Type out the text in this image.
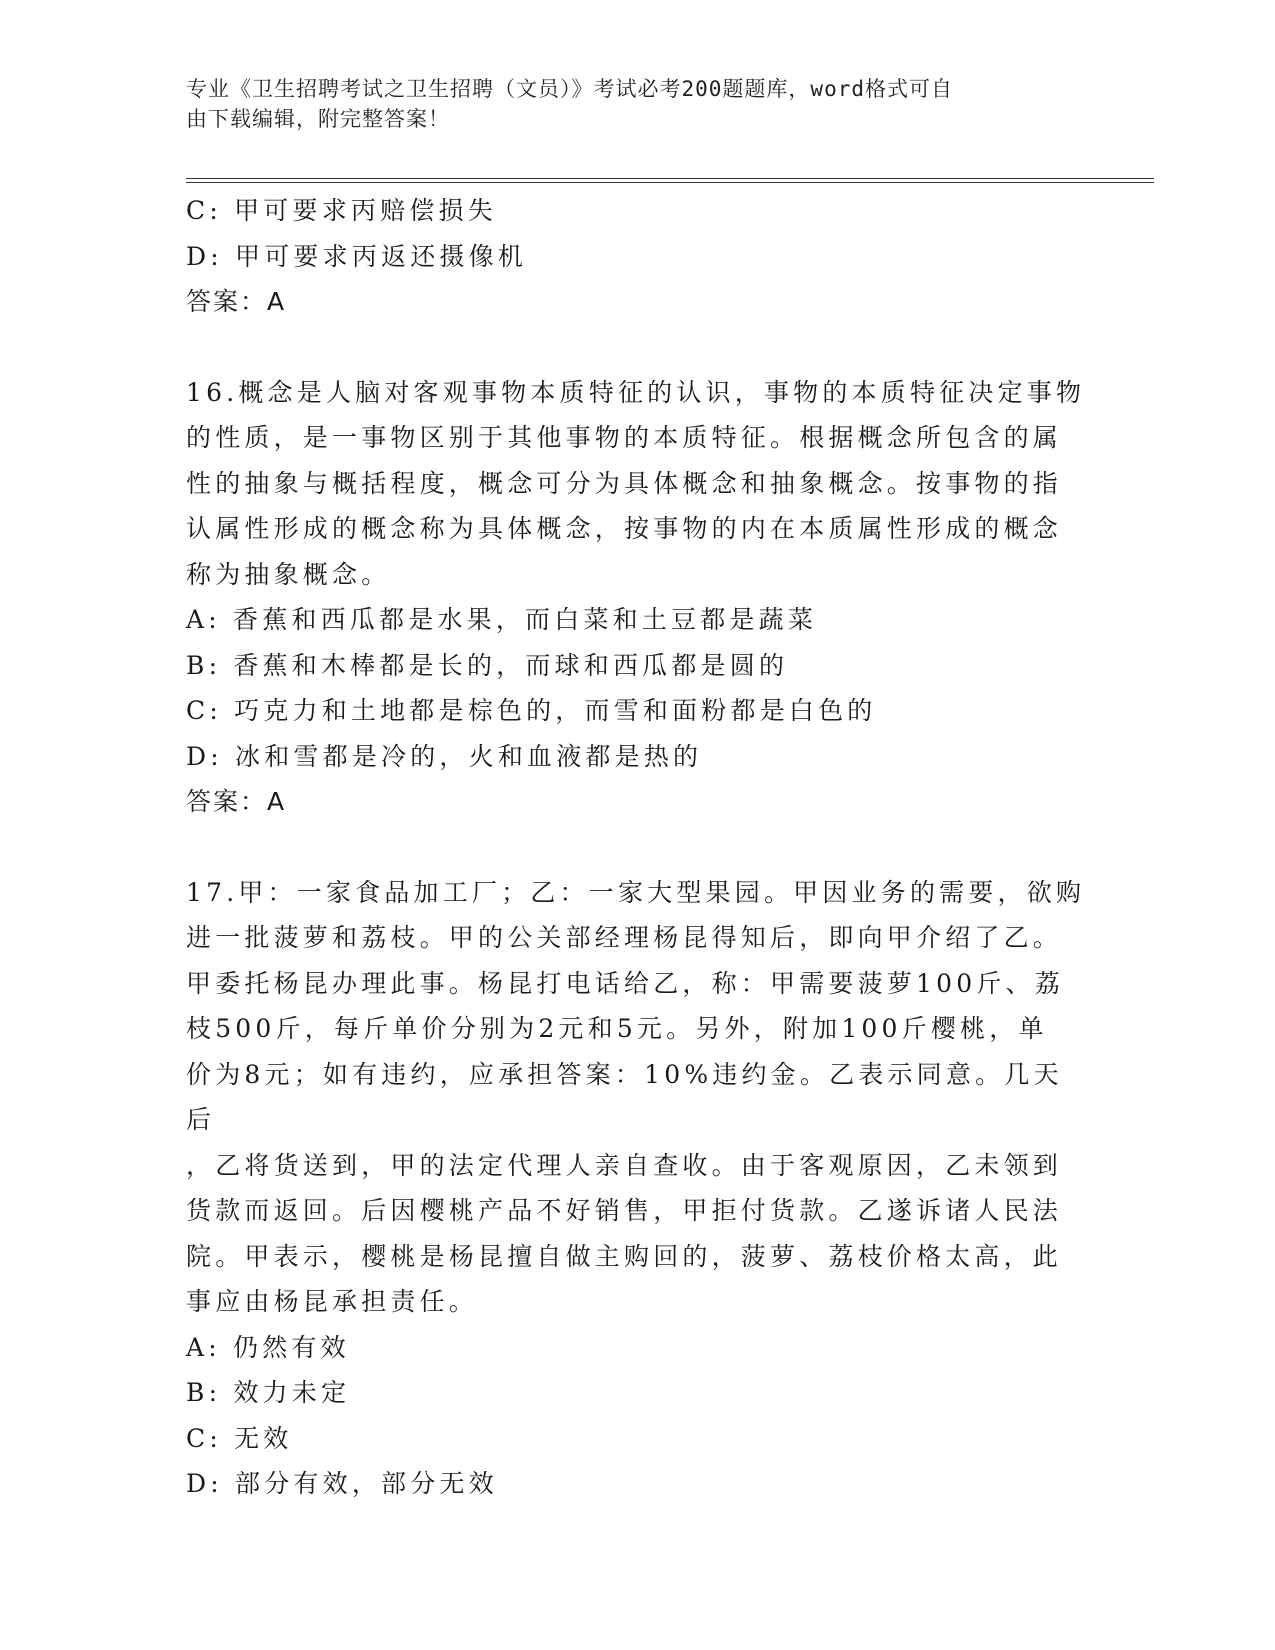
专业《卫生招聘考试之卫生招聘（文员）》考试必考200题题库，word格式可自
由下载编辑，附完整答案！
C: 甲可要求丙赔偿损失
D: 甲可要求丙返还摄像机
答案：A
16.概念是人脑对客观事物本质特征的认识，事物的本质特征决定事物
的性质，是一事物区别于其他事物的本质特征。根据概念所包含的属
性的抽象与概括程度，概念可分为具体概念和抽象概念。按事物的指
认属性形成的概念称为具体概念，按事物的内在本质属性形成的概念
称为抽象概念。
A: 香蕉和西瓜都是水果，而白菜和土豆都是蔬菜
B: 香蕉和木棒都是长的，而球和西瓜都是圆的
C: 巧克力和土地都是棕色的，而雪和面粉都是白色的
D: 冰和雪都是冷的，火和血液都是热的
答案：A
17.甲：一家食品加工厂；乙：一家大型果园。甲因业务的需要，欲购
进一批菠萝和荔枝。甲的公关部经理杨昆得知后，即向甲介绍了乙。
甲委托杨昆办理此事。杨昆打电话给乙，称：甲需要菠萝100斤、荔
枝500斤，每斤单价分别为2元和5元。另外，附加100斤樱桃，单
价为8元；如有违约，应承担答案：10%违约金。乙表示同意。几天后
，乙将货送到，甲的法定代理人亲自查收。由于客观原因，乙未领到
货款而返回。后因樱桃产品不好销售，甲拒付货款。乙遂诉诸人民法
院。甲表示，樱桃是杨昆擅自做主购回的，菠萝、荔枝价格太高，此
事应由杨昆承担责任。
A: 仍然有效
B: 效力未定
C: 无效
D: 部分有效，部分无效
